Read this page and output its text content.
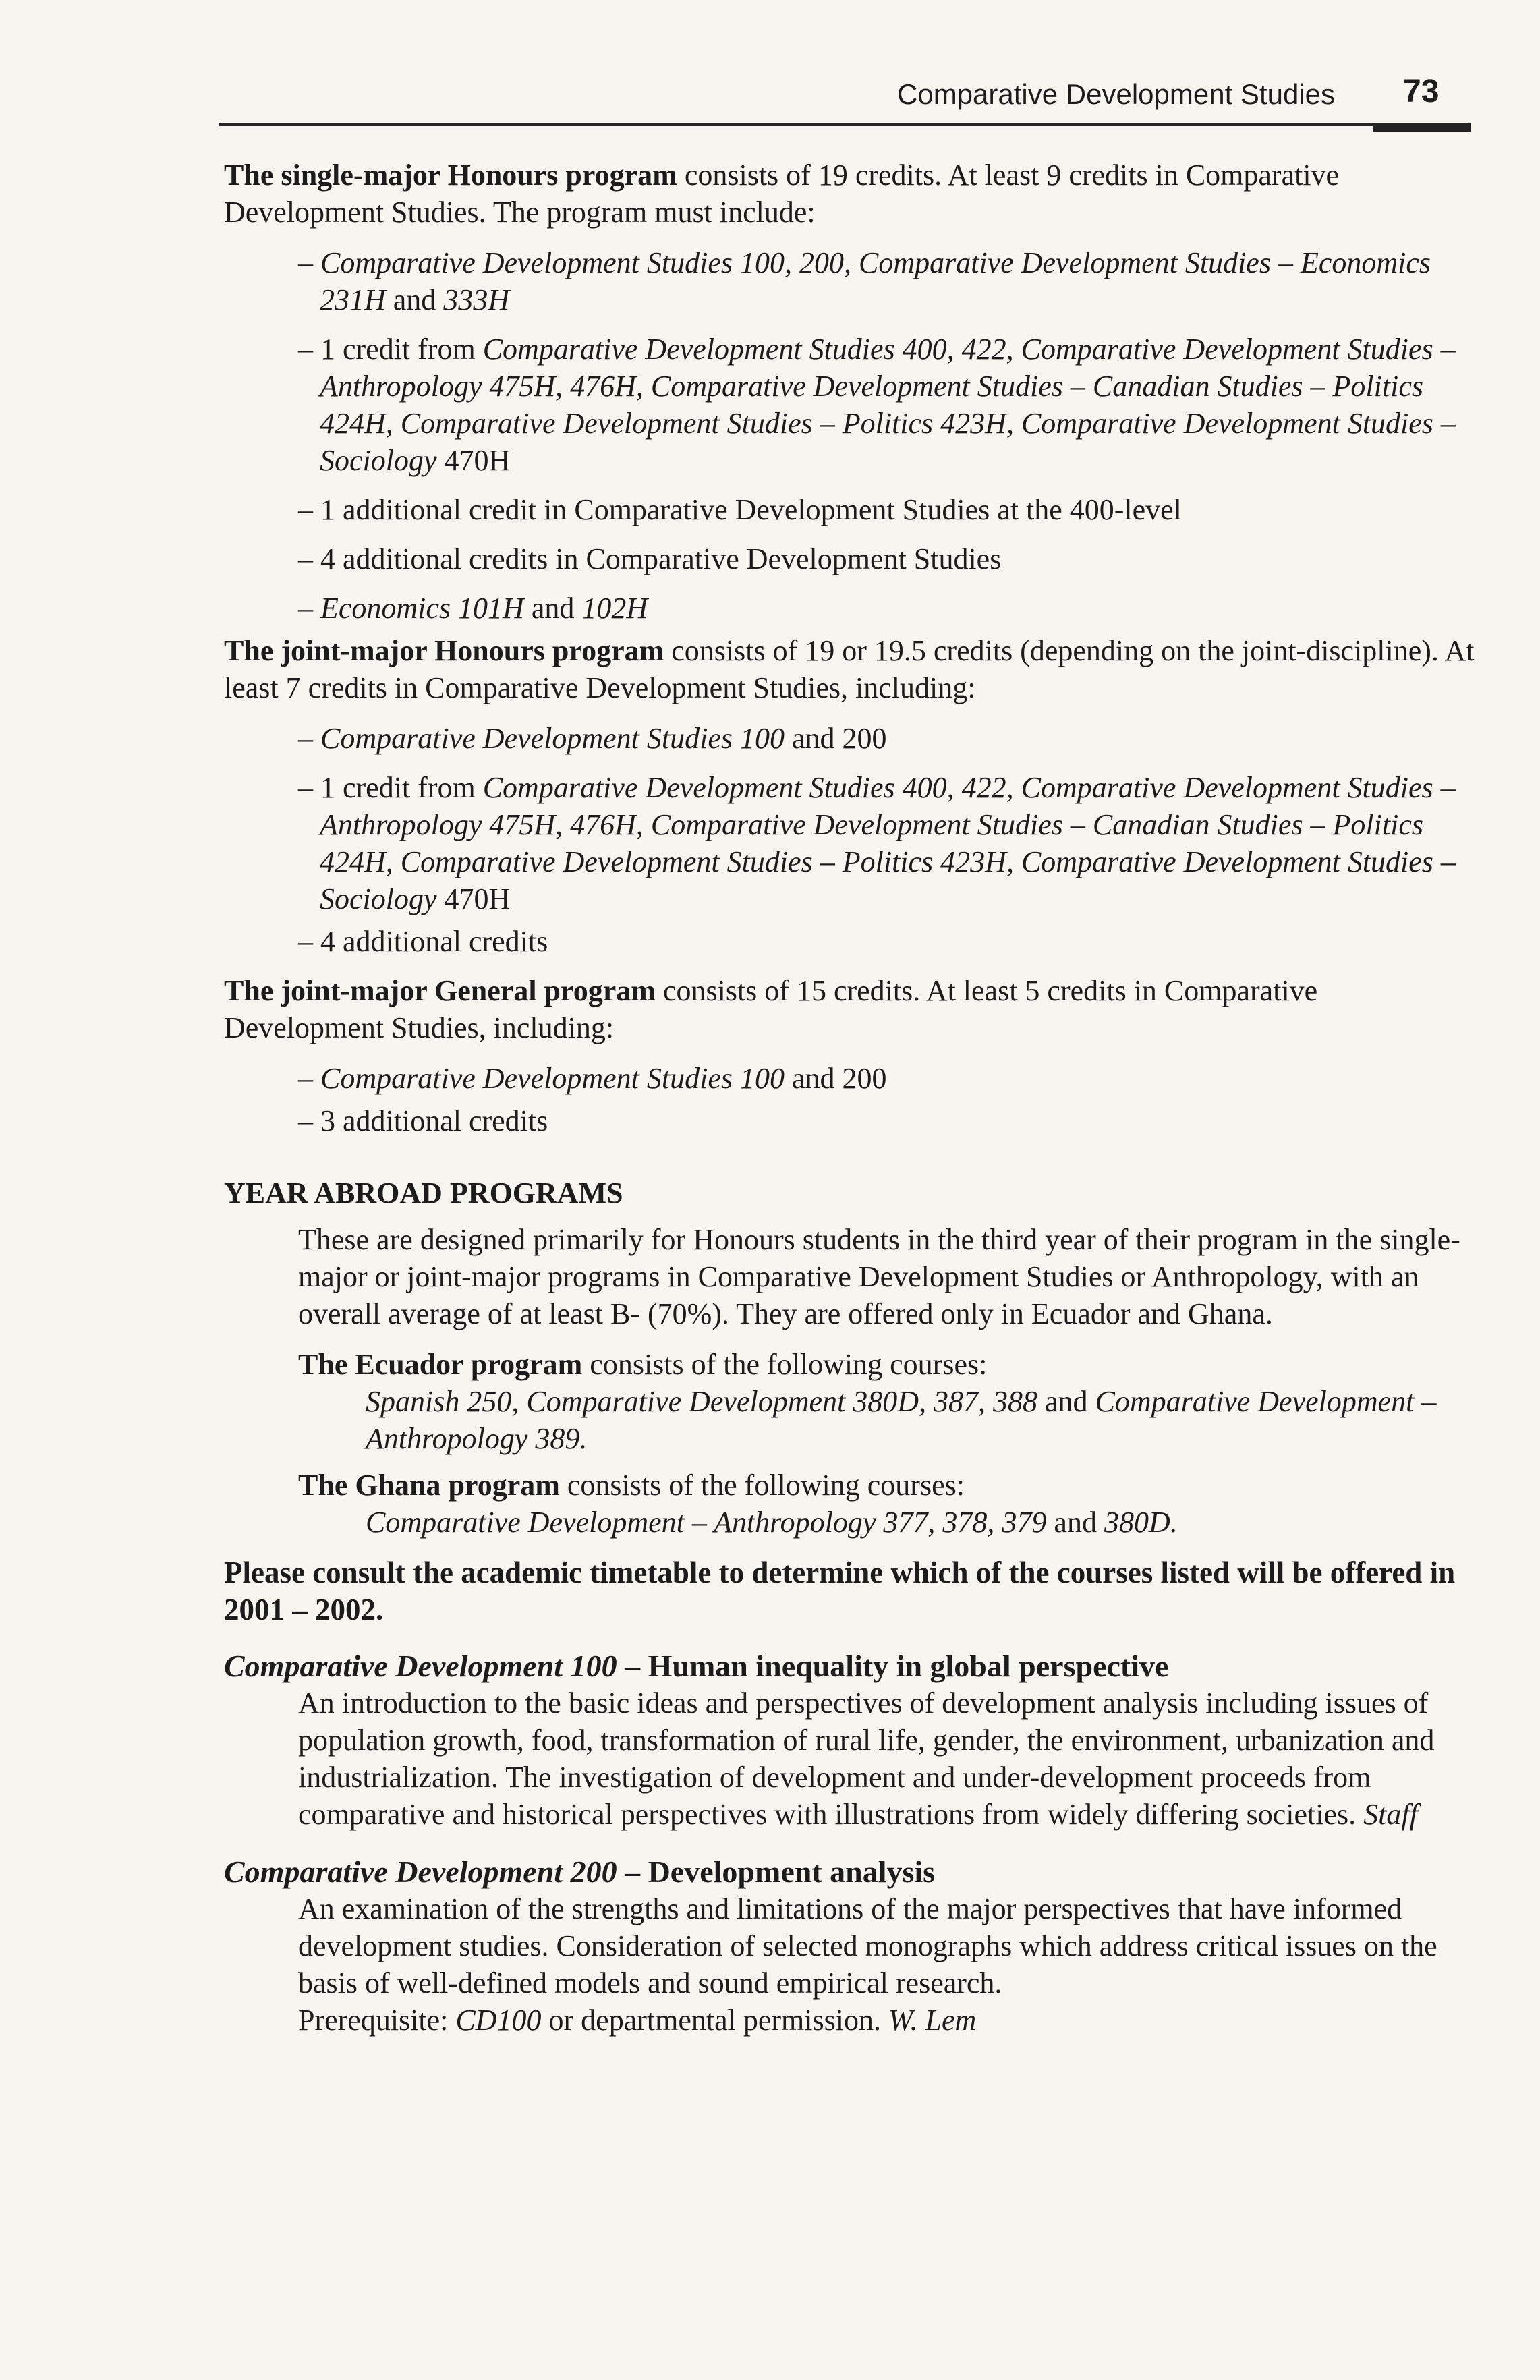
Comparative Development Studies 73

The single-major Honours program consists of 19 credits. At least 9 credits in Comparative Development Studies. The program must include:

– Comparative Development Studies 100, 200, Comparative Development Studies – Economics 231H and 333H

– 1 credit from Comparative Development Studies 400, 422, Comparative Development Studies – Anthropology 475H, 476H, Comparative Development Studies – Canadian Studies – Politics 424H, Comparative Development Studies – Politics 423H, Comparative Development Studies – Sociology 470H

– 1 additional credit in Comparative Development Studies at the 400-level

– 4 additional credits in Comparative Development Studies

– Economics 101H and 102H

The joint-major Honours program consists of 19 or 19.5 credits (depending on the joint-discipline). At least 7 credits in Comparative Development Studies, including:

– Comparative Development Studies 100 and 200

– 1 credit from Comparative Development Studies 400, 422, Comparative Development Studies – Anthropology 475H, 476H, Comparative Development Studies – Canadian Studies – Politics 424H, Comparative Development Studies – Politics 423H, Comparative Development Studies – Sociology 470H

– 4 additional credits

The joint-major General program consists of 15 credits. At least 5 credits in Comparative Development Studies, including:

– Comparative Development Studies 100 and 200

– 3 additional credits

YEAR ABROAD PROGRAMS

These are designed primarily for Honours students in the third year of their program in the single-major or joint-major programs in Comparative Development Studies or Anthropology, with an overall average of at least B- (70%). They are offered only in Ecuador and Ghana.

The Ecuador program consists of the following courses:

Spanish 250, Comparative Development 380D, 387, 388 and Comparative Development – Anthropology 389.

The Ghana program consists of the following courses:

Comparative Development – Anthropology 377, 378, 379 and 380D.

Please consult the academic timetable to determine which of the courses listed will be offered in 2001 – 2002.

Comparative Development 100 – Human inequality in global perspective

An introduction to the basic ideas and perspectives of development analysis including issues of population growth, food, transformation of rural life, gender, the environment, urbanization and industrialization. The investigation of development and under-development proceeds from comparative and historical perspectives with illustrations from widely differing societies. Staff

Comparative Development 200 – Development analysis

An examination of the strengths and limitations of the major perspectives that have informed development studies. Consideration of selected monographs which address critical issues on the basis of well-defined models and sound empirical research.
Prerequisite: CD100 or departmental permission. W. Lem
